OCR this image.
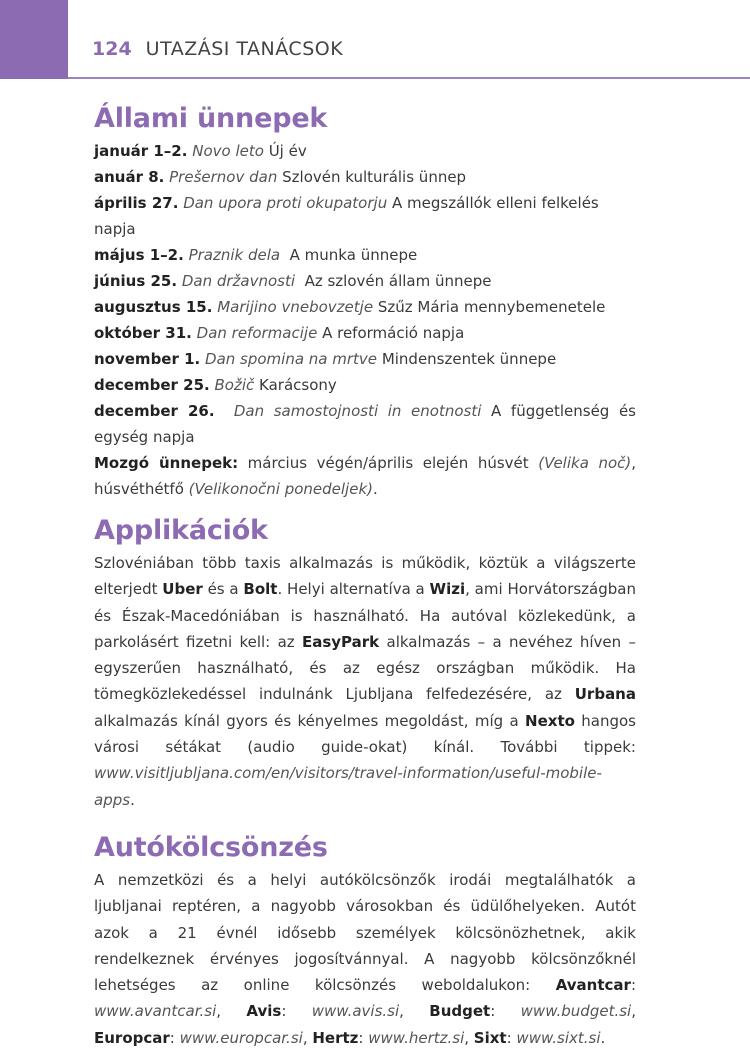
124 UTAZÁSI TANÁCSOK
Állami ünnepek
január 1–2. Novo leto Új év
anuár 8. Prešernov dan Szlovén kulturális ünnep
április 27. Dan upora proti okupatorju A megszállók elleni felkelés napja
május 1–2. Praznik dela A munka ünnepe
június 25. Dan državnosti Az szlovén állam ünnepe
augusztus 15. Marijino vnebovzetje Szűz Mária mennybemenetele
október 31. Dan reformacije A reformáció napja
november 1. Dan spomina na mrtve Mindenszentek ünnepe
december 25. Božič Karácsony
december 26. Dan samostojnosti in enotnosti A függetlenség és egység napja
Mozgó ünnepek: március végén/április elején húsvét (Velika noč), húsvéthétfő (Velikonočni ponedeljek).
Applikációk

Szlovéniában több taxis alkalmazás is működik, köztük a világszerte elterjedt Uber és a Bolt. Helyi alternatíva a Wizi, ami Horvátországban és Észak-Macedóniában is használható. Ha autóval közlekedünk, a parkolásért fizetni kell: az EasyPark alkalmazás – a nevéhez híven – egyszerűen használható, és az egész országban működik. Ha tömegközlekedéssel indulnánk Ljubljana felfedezésére, az Urbana alkalmazás kínál gyors és kényelmes megoldást, míg a Nexto hangos városi sétákat (audio guide-okat) kínál. További tippek: www.visitljubljana.com/en/visitors/travel-information/useful-mobile-apps.

Autókölcsönzés

A nemzetközi és a helyi autókölcsönzők irodái megtalálhatók a ljubljanai reptéren, a nagyobb városokban és üdülőhelyeken. Autót azok a 21 évnél idősebb személyek kölcsönözhetnek, akik rendelkeznek érvényes jogosítvánnyal. A nagyobb kölcsönzőknél lehetséges az online kölcsönzés weboldalukon: Avantcar: www.avantcar.si, Avis: www.avis.si, Budget: www.budget.si, Europcar: www.europcar.si, Hertz: www.hertz.si, Sixt: www.sixt.si.
